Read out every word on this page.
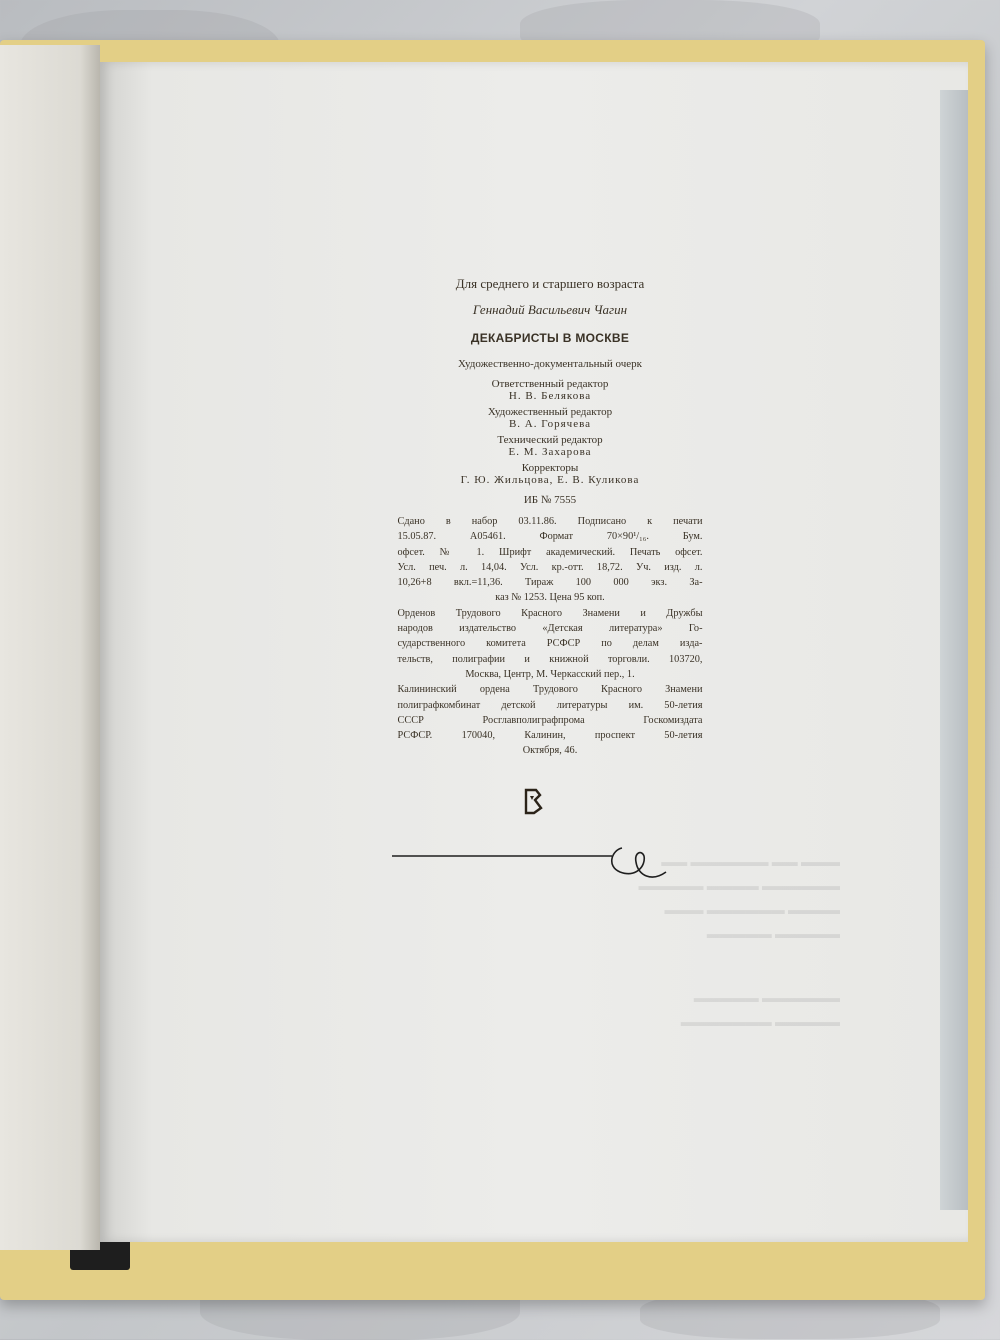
▬▬▬ ▬▬ ▬▬▬▬▬▬ ▬▬
▬▬▬▬▬▬ ▬▬▬▬ ▬▬▬▬▬
▬▬▬▬ ▬▬▬▬▬▬ ▬▬▬
▬▬▬▬▬ ▬▬▬▬▬
▬▬▬▬▬▬ ▬▬▬▬▬
▬▬▬▬▬ ▬▬▬▬▬▬▬
Для среднего и старшего возраста
Геннадий Васильевич Чагин
ДЕКАБРИСТЫ В МОСКВЕ
Художественно-документальный очерк
Ответственный редактор
Н. В. Белякова
Художественный редактор
В. А. Горячева
Технический редактор
Е. М. Захарова
Корректоры
Г. Ю. Жильцова, Е. В. Куликова
ИБ № 7555
Сдано в набор 03.11.86. Подписано к печати
15.05.87. А05461. Формат 70×90¹/₁₆. Бум.
офсет. № 1. Шрифт академический. Печать офсет.
Усл. печ. л. 14,04. Усл. кр.-отт. 18,72. Уч. изд. л.
10,26+8 вкл.=11,36. Тираж 100 000 экз. За-
каз № 1253. Цена 95 коп.
Орденов Трудового Красного Знамени и Дружбы
народов издательство «Детская литература» Го-
сударственного комитета РСФСР по делам изда-
тельств, полиграфии и книжной торговли. 103720,
Москва, Центр, М. Черкасский пер., 1.
Калининский ордена Трудового Красного Знамени
полиграфкомбинат детской литературы им. 50-летия
СССР Росглавполиграфпрома Госкомиздата
РСФСР. 170040, Калинин, проспект 50-летия
Октября, 46.
